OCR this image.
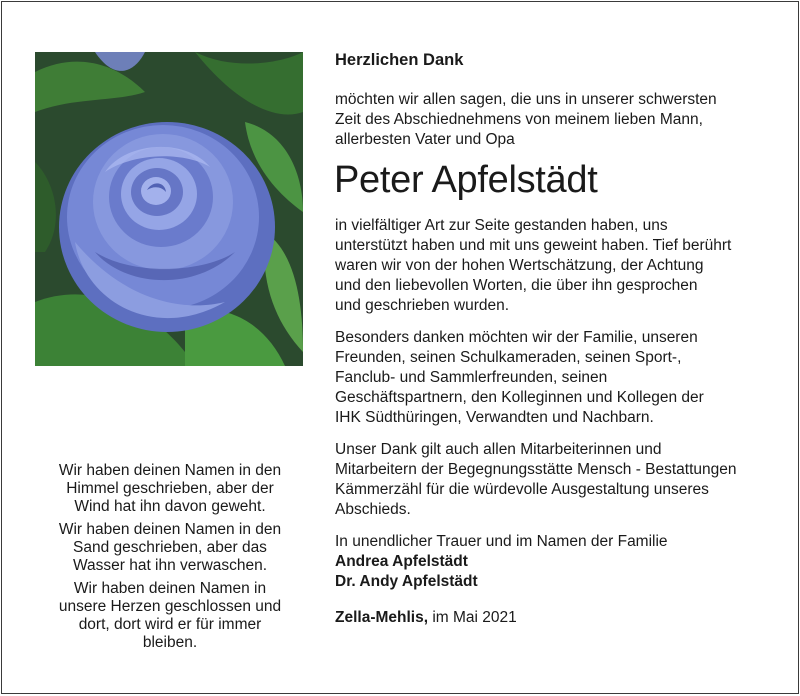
Wir haben deinen Namen in den
Himmel geschrieben, aber der
Wind hat ihn davon geweht.

Wir haben deinen Namen in den
Sand geschrieben, aber das
Wasser hat ihn verwaschen.

Wir haben deinen Namen in
unsere Herzen geschlossen und
dort, dort wird er für immer
bleiben.

Herzlichen Dank

möchten wir allen sagen, die uns in unserer schwersten
Zeit des Abschiednehmens von meinem lieben Mann,
allerbesten Vater und Opa

Peter Apfelstädt

in vielfältiger Art zur Seite gestanden haben, uns
unterstützt haben und mit uns geweint haben. Tief berührt
waren wir von der hohen Wertschätzung, der Achtung
und den liebevollen Worten, die über ihn gesprochen
und geschrieben wurden.

Besonders danken möchten wir der Familie, unseren
Freunden, seinen Schulkameraden, seinen Sport-,
Fanclub- und Sammlerfreunden, seinen
Geschäftspartnern, den Kolleginnen und Kollegen der
IHK Südthüringen, Verwandten und Nachbarn.

Unser Dank gilt auch allen Mitarbeiterinnen und
Mitarbeitern der Begegnungsstätte Mensch - Bestattungen
Kämmerzähl für die würdevolle Ausgestaltung unseres
Abschieds.

In unendlicher Trauer und im Namen der Familie

Andrea Apfelstädt

Dr. Andy Apfelstädt

Zella-Mehlis, im Mai 2021
